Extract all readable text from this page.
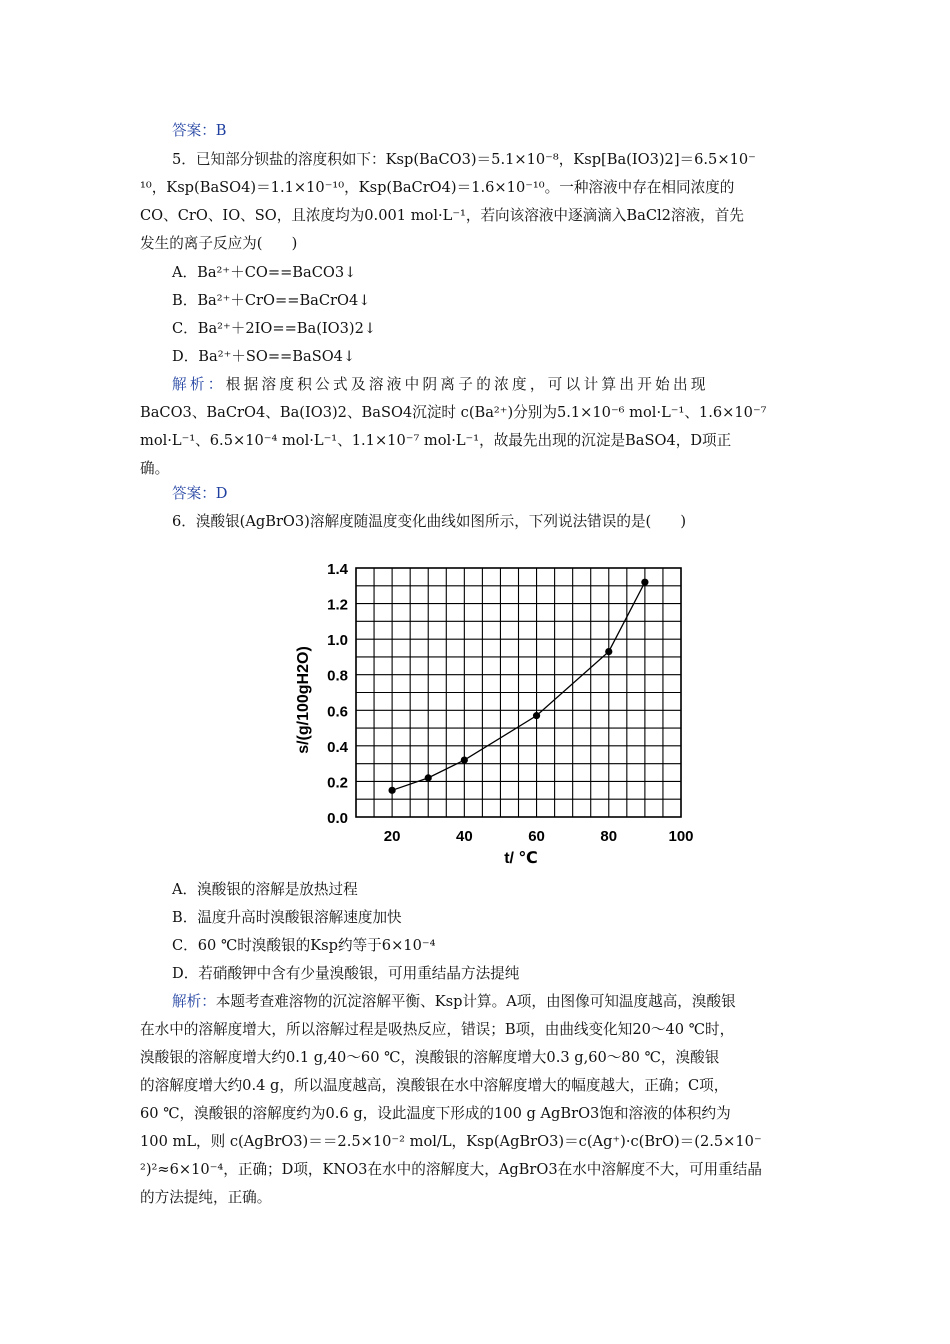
答案：B
5．已知部分钡盐的溶度积如下：Ksp(BaCO3)＝5.1×10⁻⁸，Ksp[Ba(IO3)2]＝6.5×10⁻
¹⁰，Ksp(BaSO4)＝1.1×10⁻¹⁰，Ksp(BaCrO4)＝1.6×10⁻¹⁰。一种溶液中存在相同浓度的
CO、CrO、IO、SO，且浓度均为0.001 mol·L⁻¹，若向该溶液中逐滴滴入BaCl2溶液，首先
发生的离子反应为(　　)
A．Ba²⁺＋CO==BaCO3↓
B．Ba²⁺＋CrO==BaCrO4↓
C．Ba²⁺＋2IO==Ba(IO3)2↓
D．Ba²⁺＋SO==BaSO4↓
解析：根据溶度积公式及溶液中阴离子的浓度，可以计算出开始出现
BaCO3、BaCrO4、Ba(IO3)2、BaSO4沉淀时 c(Ba²⁺)分别为5.1×10⁻⁶ mol·L⁻¹、1.6×10⁻⁷
mol·L⁻¹、6.5×10⁻⁴ mol·L⁻¹、1.1×10⁻⁷ mol·L⁻¹，故最先出现的沉淀是BaSO4，D项正
确。
答案：D
6．溴酸银(AgBrO3)溶解度随温度变化曲线如图所示，下列说法错误的是(　　)
0.0
0.2
0.4
0.6
0.8
1.0
1.2
1.4
20	40	60	80	100
s/(g/100gH2O)
t/ ℃
A．溴酸银的溶解是放热过程
B．温度升高时溴酸银溶解速度加快
C．60 ℃时溴酸银的Ksp约等于6×10⁻⁴
D．若硝酸钾中含有少量溴酸银，可用重结晶方法提纯
解析：本题考查难溶物的沉淀溶解平衡、Ksp计算。A项，由图像可知温度越高，溴酸银
在水中的溶解度增大，所以溶解过程是吸热反应，错误；B项，由曲线变化知20～40 ℃时，
溴酸银的溶解度增大约0.1 g,40～60 ℃，溴酸银的溶解度增大0.3 g,60～80 ℃，溴酸银
的溶解度增大约0.4 g，所以温度越高，溴酸银在水中溶解度增大的幅度越大，正确；C项，
60 ℃，溴酸银的溶解度约为0.6 g，设此温度下形成的100 g AgBrO3饱和溶液的体积约为
100 mL，则 c(AgBrO3)＝＝2.5×10⁻² mol/L，Ksp(AgBrO3)＝c(Ag⁺)·c(BrO)＝(2.5×10⁻
²)²≈6×10⁻⁴，正确；D项，KNO3在水中的溶解度大，AgBrO3在水中溶解度不大，可用重结晶
的方法提纯，正确。
